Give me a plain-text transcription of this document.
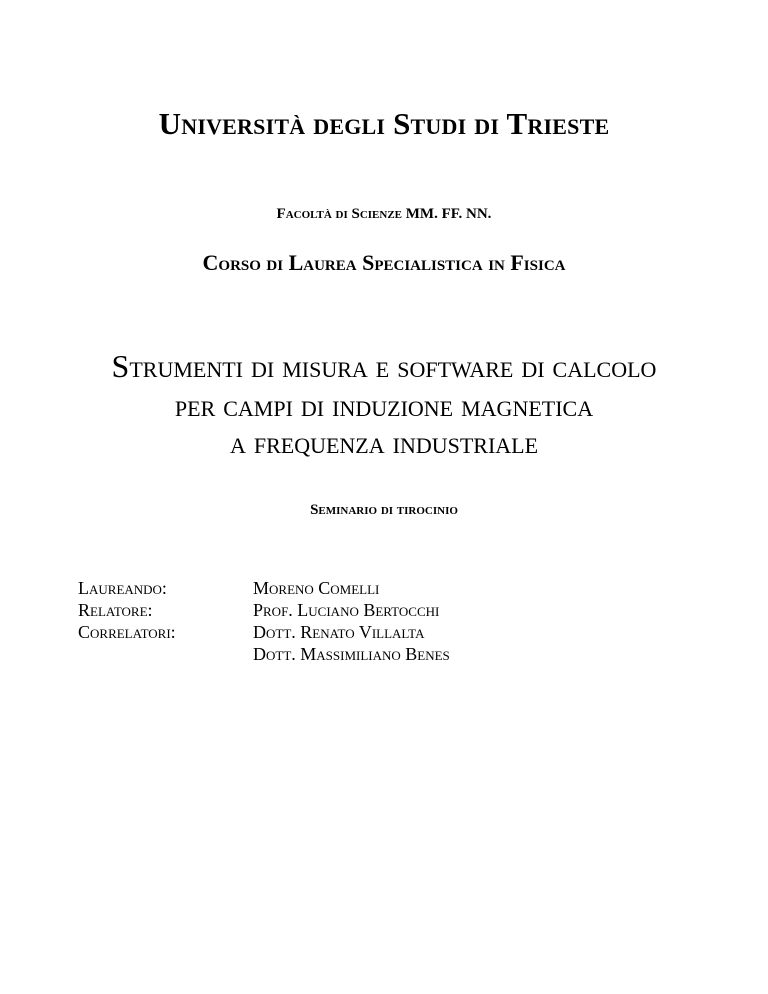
Università degli Studi di Trieste
Facoltà di Scienze MM. FF. NN.
Corso di Laurea Specialistica in Fisica
Strumenti di misura e software di calcolo
per campi di induzione magnetica
a frequenza industriale
Seminario di tirocinio
Laureando:	Moreno Comelli
Relatore:	Prof. Luciano Bertocchi
Correlatori:	Dott. Renato Villalta
Dott. Massimiliano Benes
